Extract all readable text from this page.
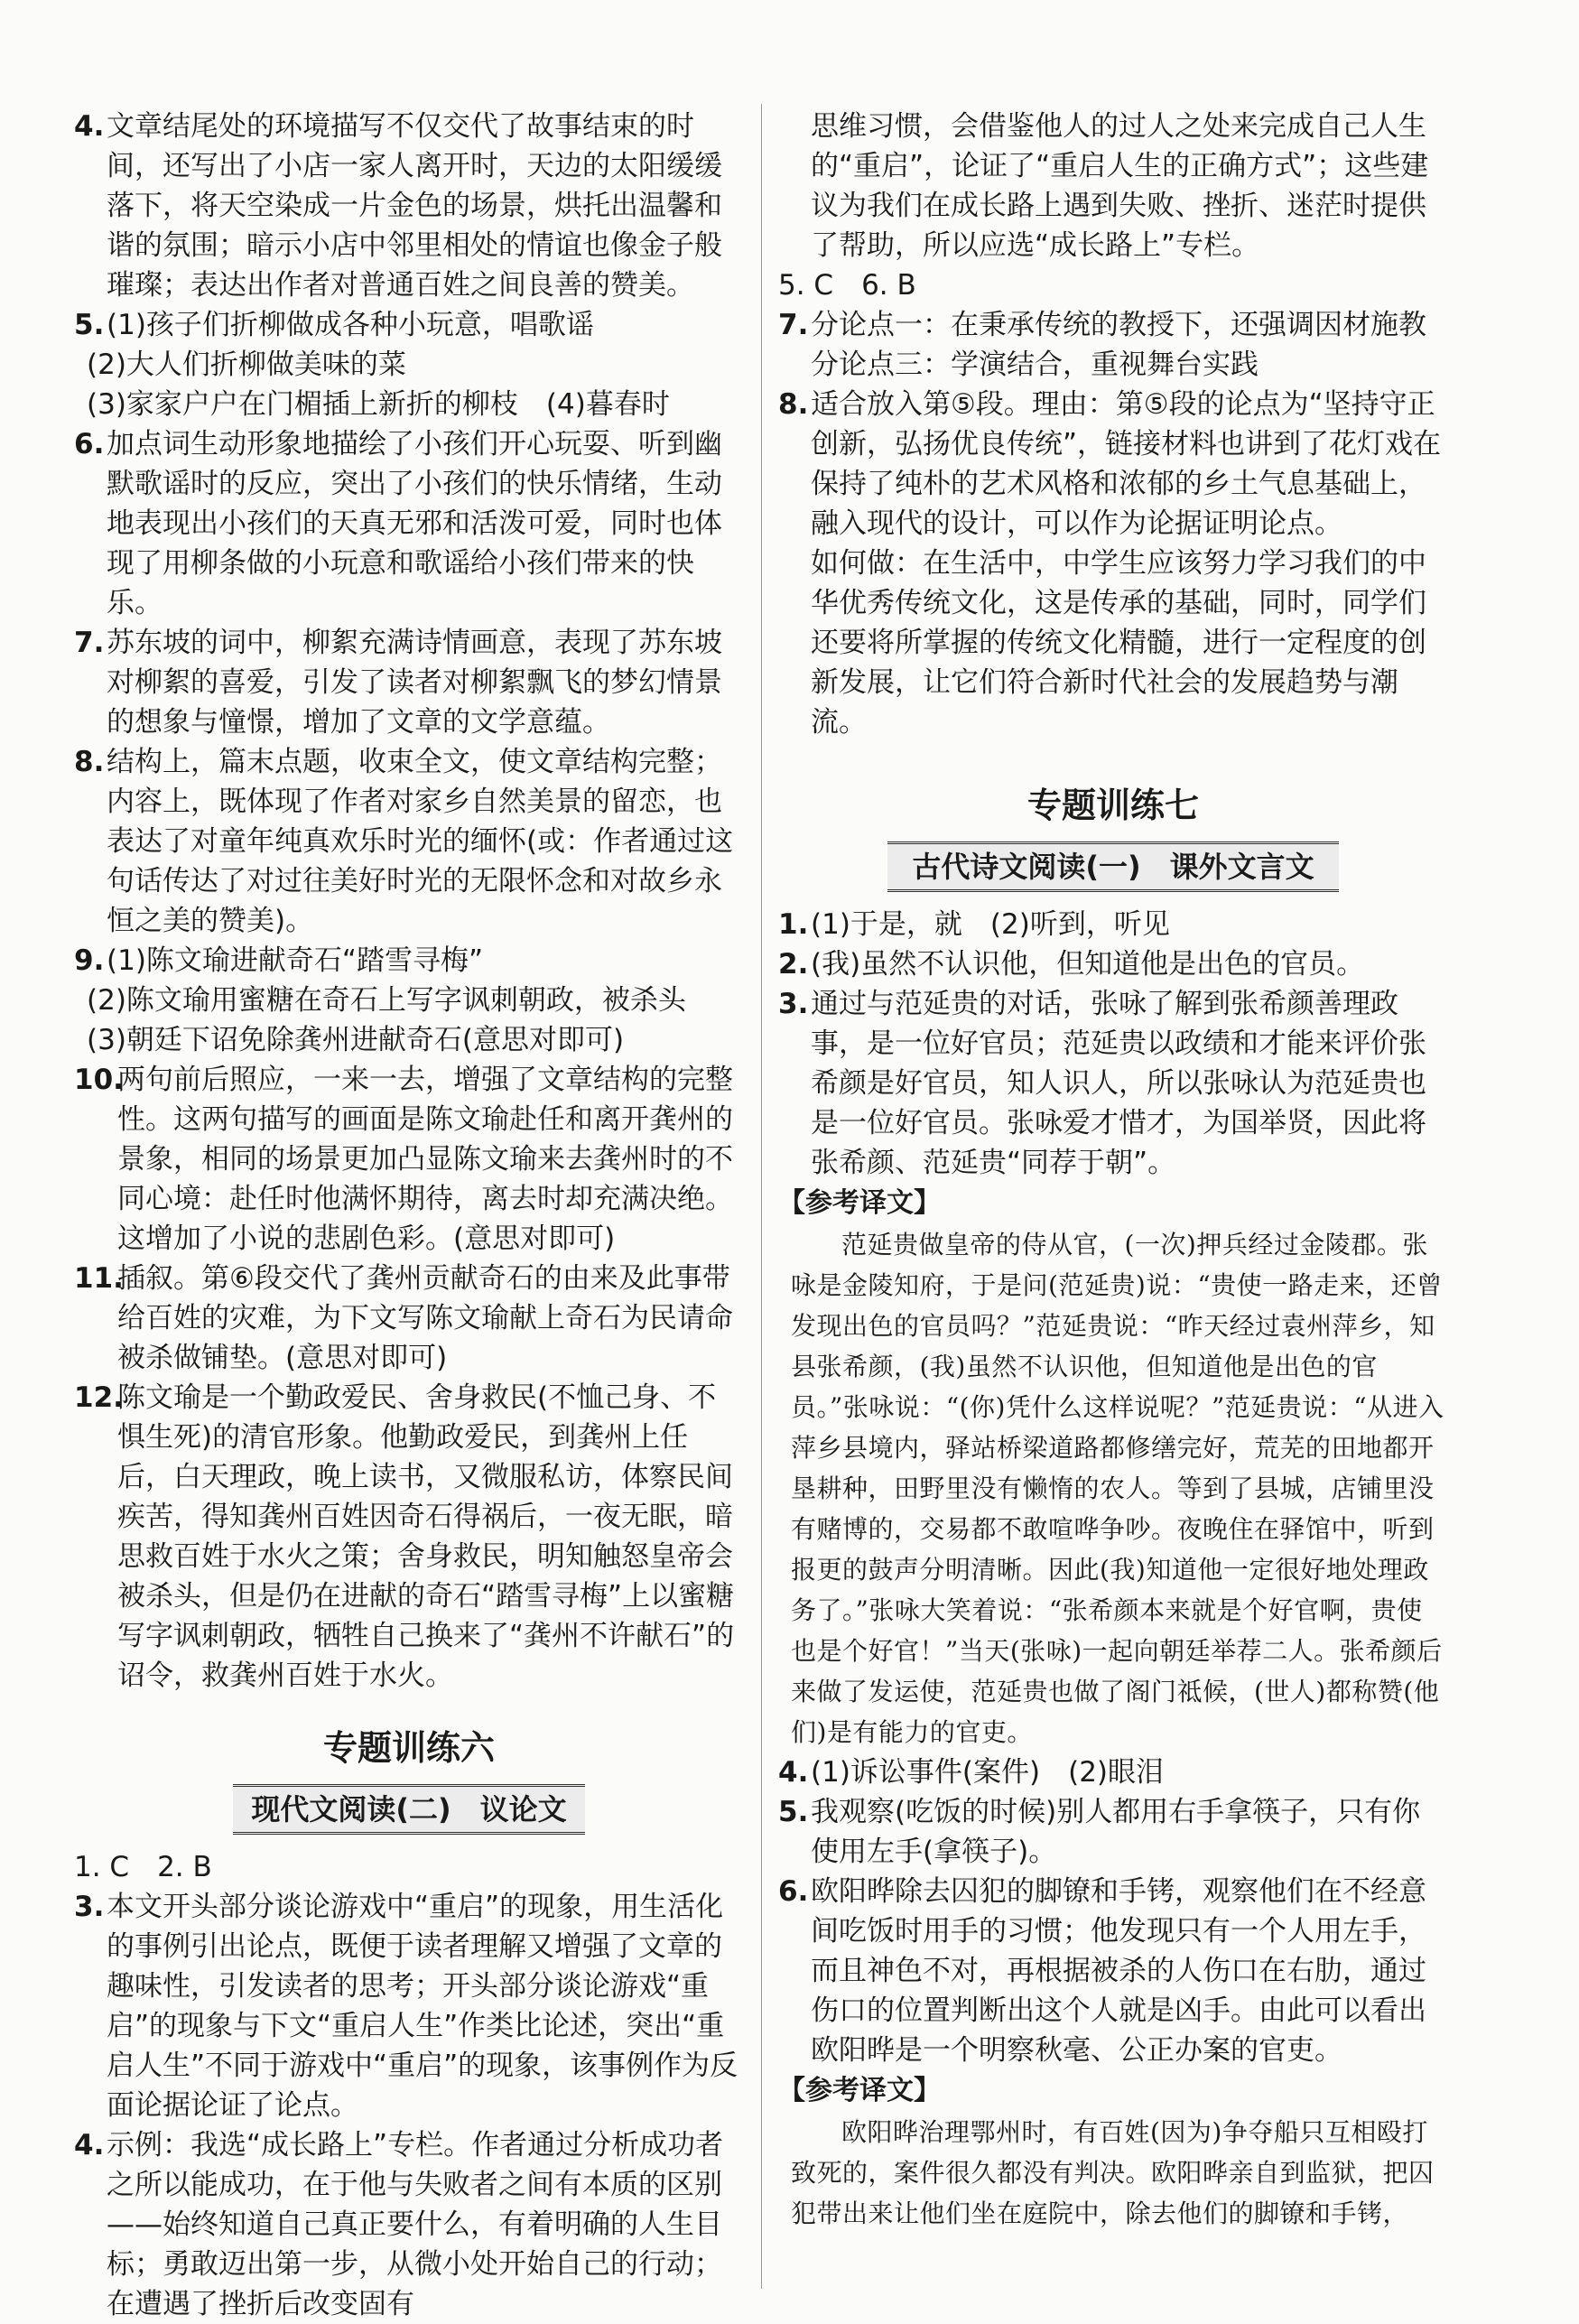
4. 文章结尾处的环境描写不仅交代了故事结束的时间，还写出了小店一家人离开时，天边的太阳缓缓落下，将天空染成一片金色的场景，烘托出温馨和谐的氛围；暗示小店中邻里相处的情谊也像金子般璀璨；表达出作者对普通百姓之间良善的赞美。
5. (1)孩子们折柳做成各种小玩意，唱歌谣
(2)大人们折柳做美味的菜
(3)家家户户在门楣插上新折的柳枝　(4)暮春时
6. 加点词生动形象地描绘了小孩们开心玩耍、听到幽默歌谣时的反应，突出了小孩们的快乐情绪，生动地表现出小孩们的天真无邪和活泼可爱，同时也体现了用柳条做的小玩意和歌谣给小孩们带来的快乐。
7. 苏东坡的词中，柳絮充满诗情画意，表现了苏东坡对柳絮的喜爱，引发了读者对柳絮飘飞的梦幻情景的想象与憧憬，增加了文章的文学意蕴。
8. 结构上，篇末点题，收束全文，使文章结构完整；内容上，既体现了作者对家乡自然美景的留恋，也表达了对童年纯真欢乐时光的缅怀(或：作者通过这句话传达了对过往美好时光的无限怀念和对故乡永恒之美的赞美)。
9. (1)陈文瑜进献奇石“踏雪寻梅”
(2)陈文瑜用蜜糖在奇石上写字讽刺朝政，被杀头
(3)朝廷下诏免除龚州进献奇石(意思对即可)
10.
两句前后照应，一来一去，增强了文章结构的完整性。这两句描写的画面是陈文瑜赴任和离开龚州的景象，相同的场景更加凸显陈文瑜来去龚州时的不同心境：赴任时他满怀期待，离去时却充满决绝。这增加了小说的悲剧色彩。(意思对即可)
11.
插叙。第⑥段交代了龚州贡献奇石的由来及此事带给百姓的灾难，为下文写陈文瑜献上奇石为民请命被杀做铺垫。(意思对即可)
12.
陈文瑜是一个勤政爱民、舍身救民(不恤己身、不惧生死)的清官形象。他勤政爱民，到龚州上任后，白天理政，晚上读书，又微服私访，体察民间疾苦，得知龚州百姓因奇石得祸后，一夜无眠，暗思救百姓于水火之策；舍身救民，明知触怒皇帝会被杀头，但是仍在进献的奇石“踏雪寻梅”上以蜜糖写字讽刺朝政，牺牲自己换来了“龚州不许献石”的诏令，救龚州百姓于水火。
专题训练六
现代文阅读(二)　议论文
1. C　2. B
3. 本文开头部分谈论游戏中“重启”的现象，用生活化的事例引出论点，既便于读者理解又增强了文章的趣味性，引发读者的思考；开头部分谈论游戏“重启”的现象与下文“重启人生”作类比论述，突出“重启人生”不同于游戏中“重启”的现象，该事例作为反面论据论证了论点。
4. 示例：我选“成长路上”专栏。作者通过分析成功者之所以能成功，在于他与失败者之间有本质的区别——始终知道自己真正要什么，有着明确的人生目标；勇敢迈出第一步，从微小处开始自己的行动；在遭遇了挫折后改变固有
思维习惯，会借鉴他人的过人之处来完成自己人生的“重启”，论证了“重启人生的正确方式”；这些建议为我们在成长路上遇到失败、挫折、迷茫时提供了帮助，所以应选“成长路上”专栏。
5. C　6. B
7. 分论点一：在秉承传统的教授下，还强调因材施教
分论点三：学演结合，重视舞台实践
8. 适合放入第⑤段。理由：第⑤段的论点为“坚持守正创新，弘扬优良传统”，链接材料也讲到了花灯戏在保持了纯朴的艺术风格和浓郁的乡土气息基础上，融入现代的设计，可以作为论据证明论点。
如何做：在生活中，中学生应该努力学习我们的中华优秀传统文化，这是传承的基础，同时，同学们还要将所掌握的传统文化精髓，进行一定程度的创新发展，让它们符合新时代社会的发展趋势与潮流。
专题训练七
古代诗文阅读(一)　课外文言文
1. (1)于是，就　(2)听到，听见
2. (我)虽然不认识他，但知道他是出色的官员。
3. 通过与范延贵的对话，张咏了解到张希颜善理政事，是一位好官员；范延贵以政绩和才能来评价张希颜是好官员，知人识人，所以张咏认为范延贵也是一位好官员。张咏爱才惜才，为国举贤，因此将张希颜、范延贵“同荐于朝”。
【参考译文】
范延贵做皇帝的侍从官，(一次)押兵经过金陵郡。张咏是金陵知府，于是问(范延贵)说：“贵使一路走来，还曾发现出色的官员吗？”范延贵说：“昨天经过袁州萍乡，知县张希颜，(我)虽然不认识他，但知道他是出色的官员。”张咏说：“(你)凭什么这样说呢？”范延贵说：“从进入萍乡县境内，驿站桥梁道路都修缮完好，荒芜的田地都开垦耕种，田野里没有懒惰的农人。等到了县城，店铺里没有赌博的，交易都不敢喧哗争吵。夜晚住在驿馆中，听到报更的鼓声分明清晰。因此(我)知道他一定很好地处理政务了。”张咏大笑着说：“张希颜本来就是个好官啊，贵使也是个好官！”当天(张咏)一起向朝廷举荐二人。张希颜后来做了发运使，范延贵也做了阁门祗候，(世人)都称赞(他们)是有能力的官吏。
4. (1)诉讼事件(案件)　(2)眼泪
5. 我观察(吃饭的时候)别人都用右手拿筷子，只有你使用左手(拿筷子)。
6. 欧阳晔除去囚犯的脚镣和手铐，观察他们在不经意间吃饭时用手的习惯；他发现只有一个人用左手，而且神色不对，再根据被杀的人伤口在右肋，通过伤口的位置判断出这个人就是凶手。由此可以看出欧阳晔是一个明察秋毫、公正办案的官吏。
【参考译文】
欧阳晔治理鄂州时，有百姓(因为)争夺船只互相殴打致死的，案件很久都没有判决。欧阳晔亲自到监狱，把囚犯带出来让他们坐在庭院中，除去他们的脚镣和手铐，
